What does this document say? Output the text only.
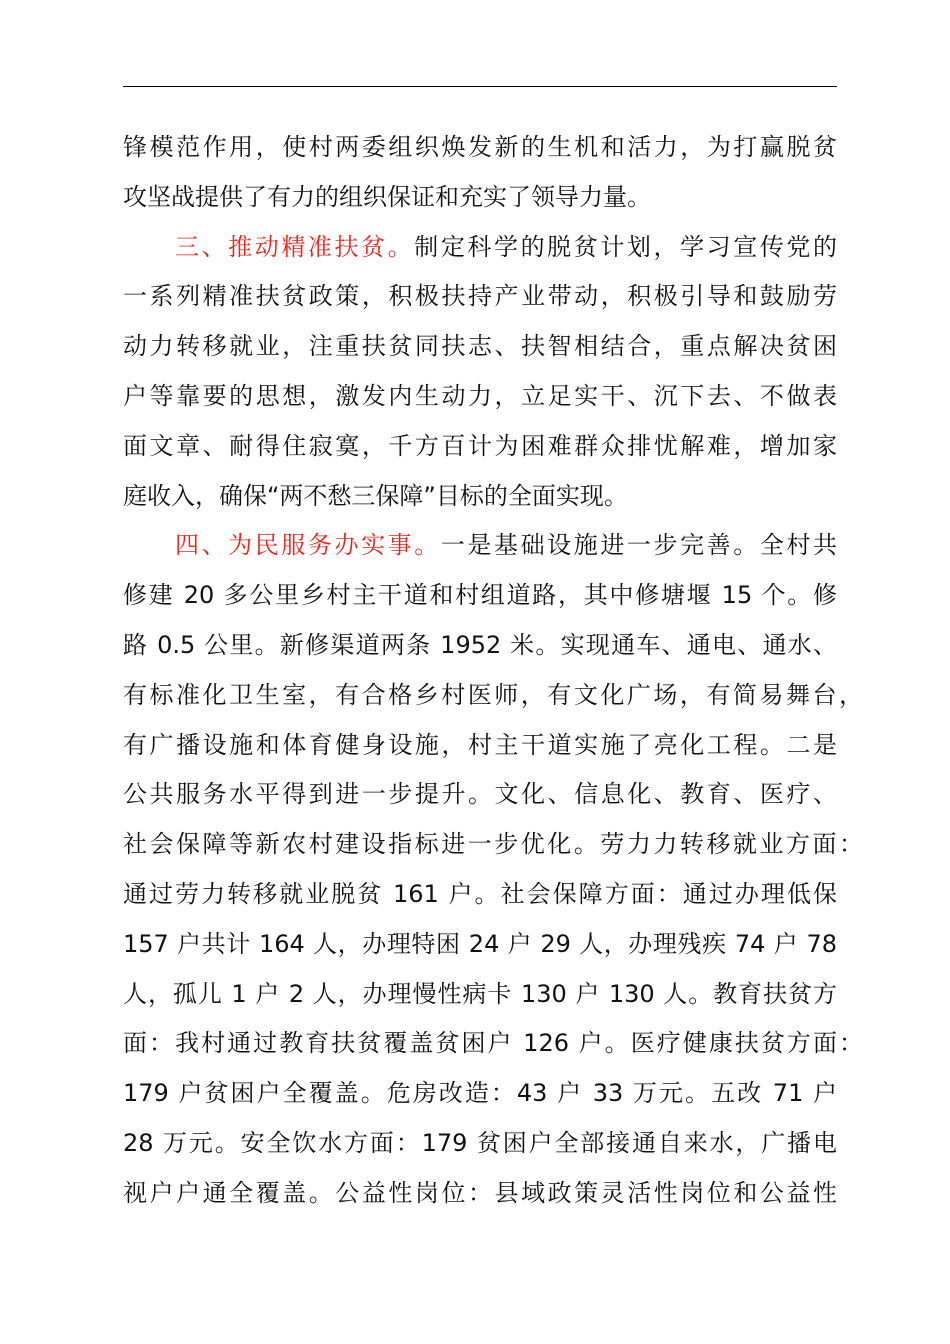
锋模范作用，使村两委组织焕发新的生机和活力，为打赢脱贫
攻坚战提供了有力的组织保证和充实了领导力量。
三、推动精准扶贫。制定科学的脱贫计划，学习宣传党的
一系列精准扶贫政策，积极扶持产业带动，积极引导和鼓励劳
动力转移就业，注重扶贫同扶志、扶智相结合，重点解决贫困
户等靠要的思想，激发内生动力，立足实干、沉下去、不做表
面文章、耐得住寂寞，千方百计为困难群众排忧解难，增加家
庭收入，确保“两不愁三保障”目标的全面实现。
四、为民服务办实事。一是基础设施进一步完善。全村共
修建 20 多公里乡村主干道和村组道路，其中修塘堰 15 个。修
路 0.5 公里。新修渠道两条 1952 米。实现通车、通电、通水、
有标准化卫生室，有合格乡村医师，有文化广场，有简易舞台，
有广播设施和体育健身设施，村主干道实施了亮化工程。二是
公共服务水平得到进一步提升。文化、信息化、教育、医疗、
社会保障等新农村建设指标进一步优化。劳力力转移就业方面：
通过劳力转移就业脱贫 161 户。社会保障方面：通过办理低保
157 户共计 164 人，办理特困 24 户 29 人，办理残疾 74 户 78
人，孤儿 1 户 2 人，办理慢性病卡 130 户 130 人。教育扶贫方
面：我村通过教育扶贫覆盖贫困户 126 户。医疗健康扶贫方面：
179 户贫困户全覆盖。危房改造：43 户 33 万元。五改 71 户
28 万元。安全饮水方面：179 贫困户全部接通自来水，广播电
视户户通全覆盖。公益性岗位：县域政策灵活性岗位和公益性
